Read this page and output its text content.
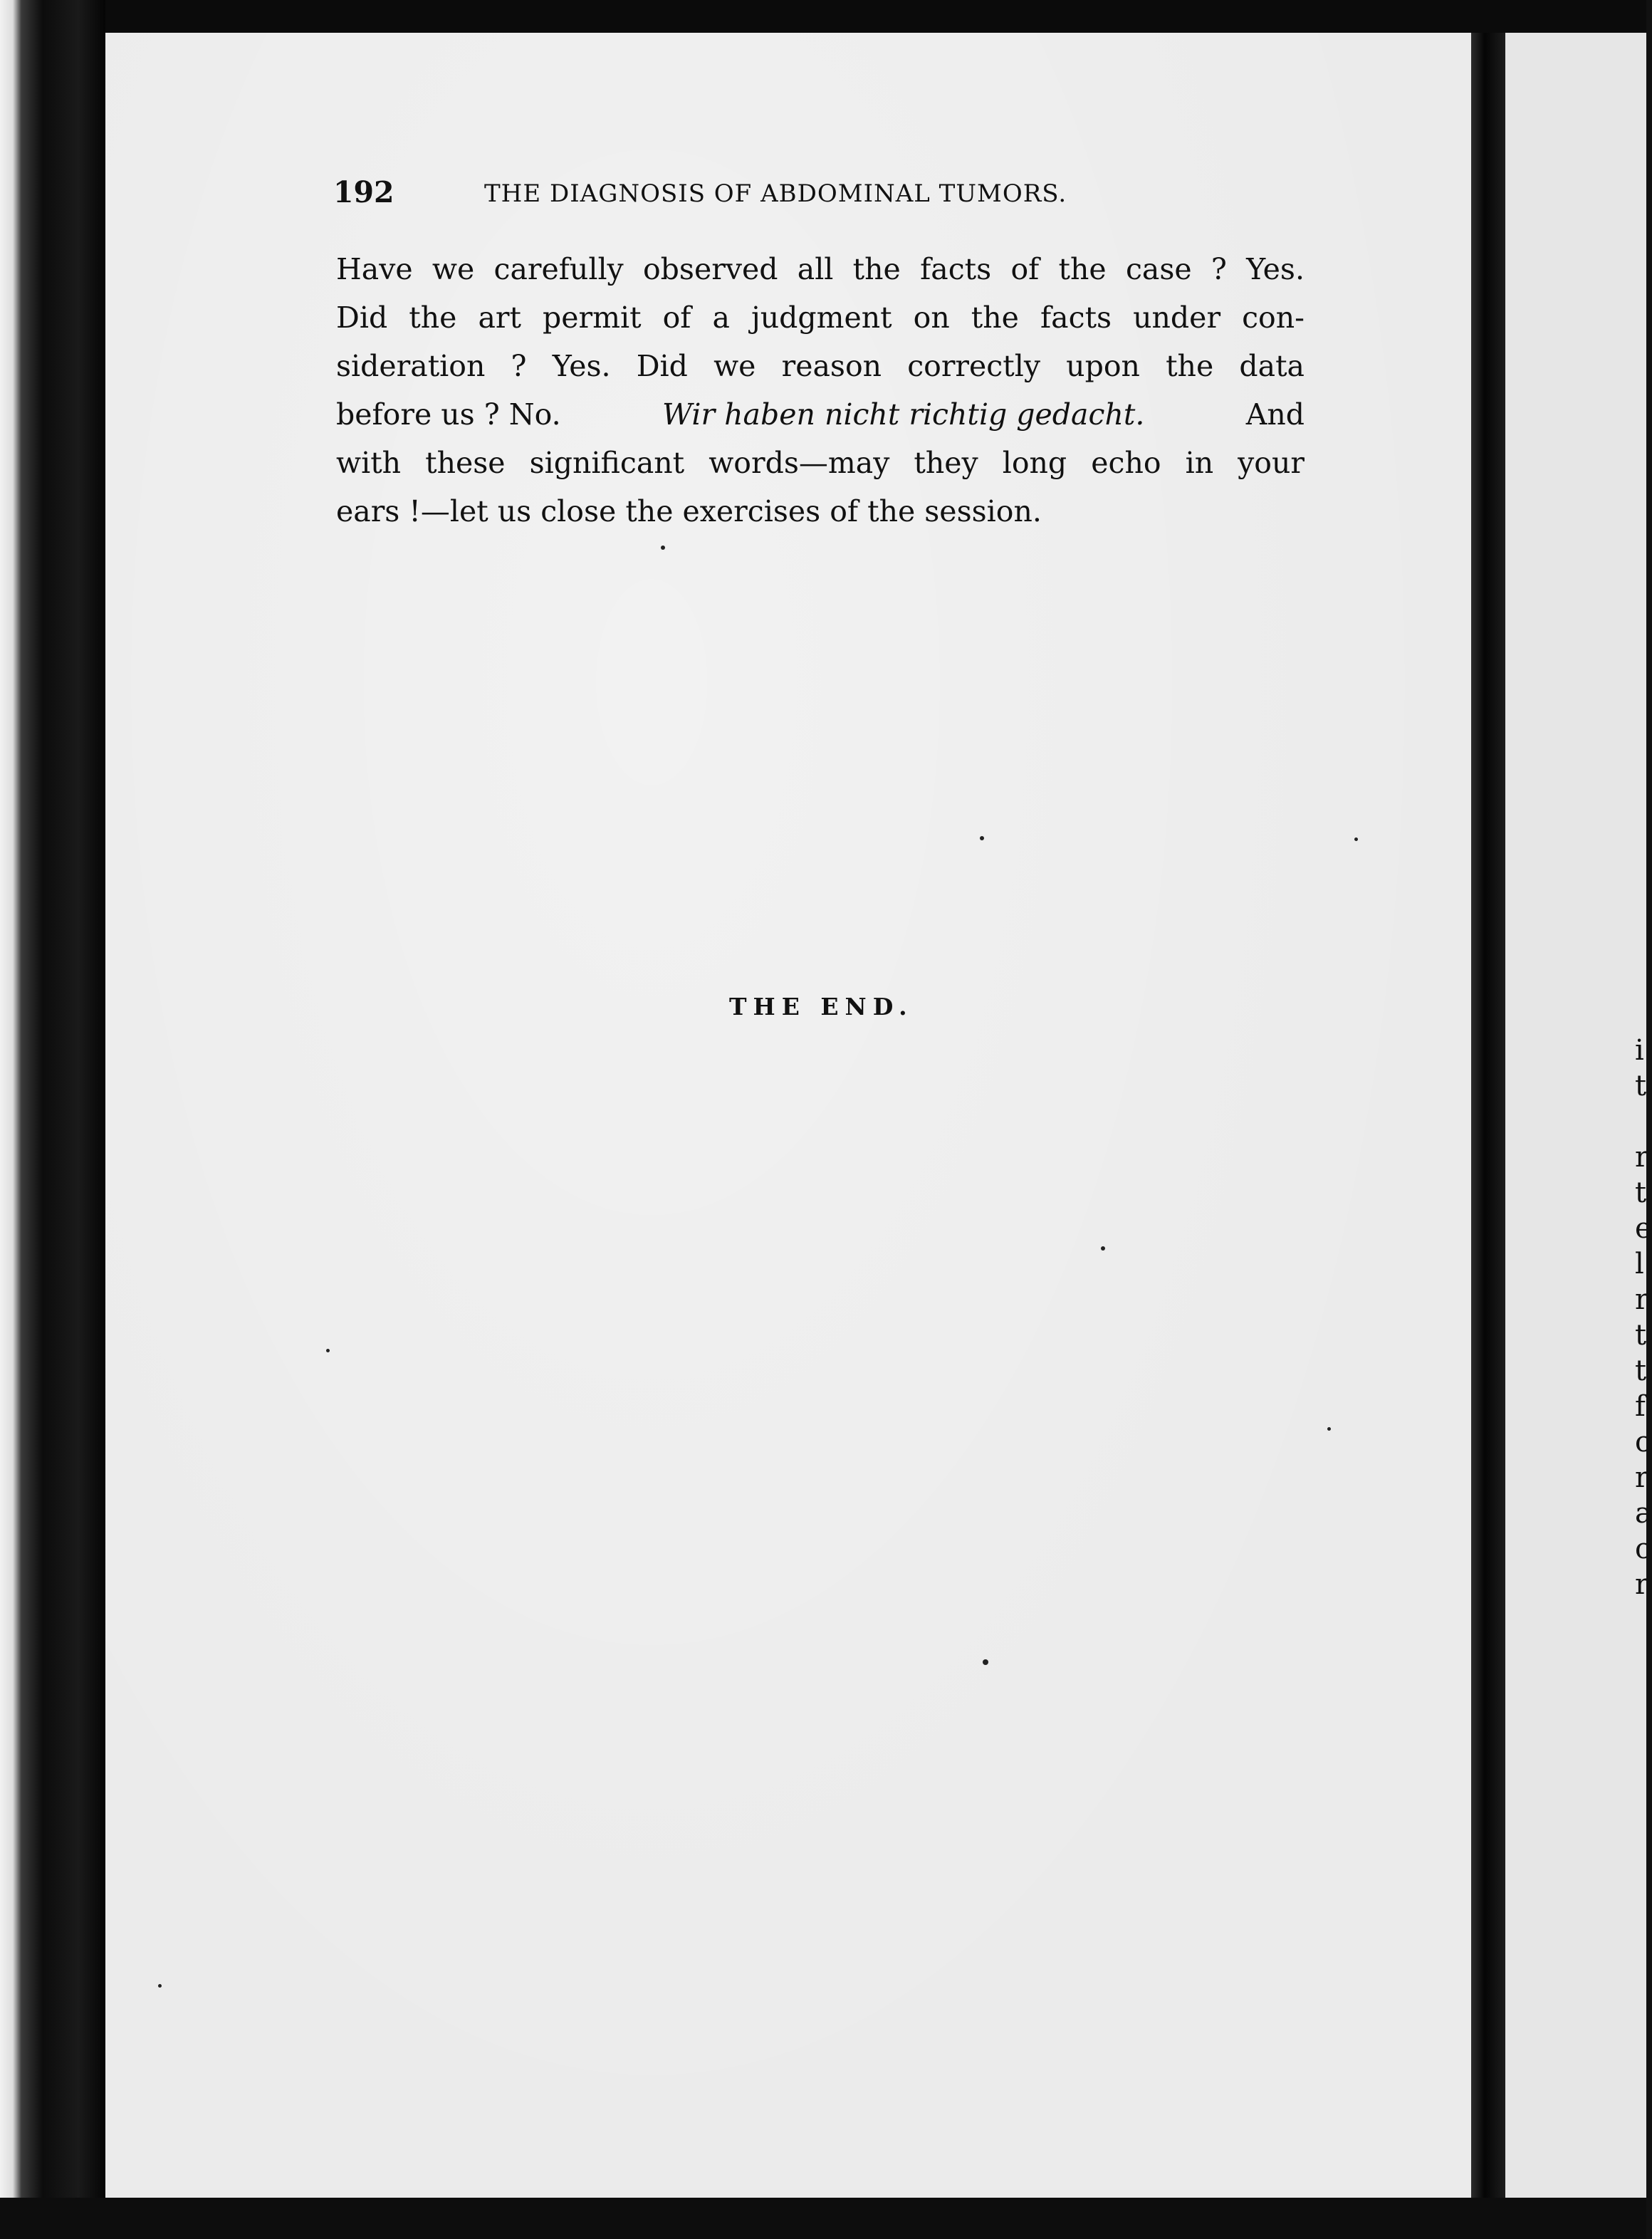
i
t
r
t
e
l
r
t
t
f
c
r
a
c
r
192	THE DIAGNOSIS OF ABDOMINAL TUMORS.
Have we carefully observed all the facts of the case ? Yes.
Did the art permit of a judgment on the facts under con-
sideration ? Yes. Did we reason correctly upon the data
before us ? No.	Wir haben nicht richtig gedacht.	And
with these significant words—may they long echo in your
ears !—let us close the exercises of the session.
THE END.
